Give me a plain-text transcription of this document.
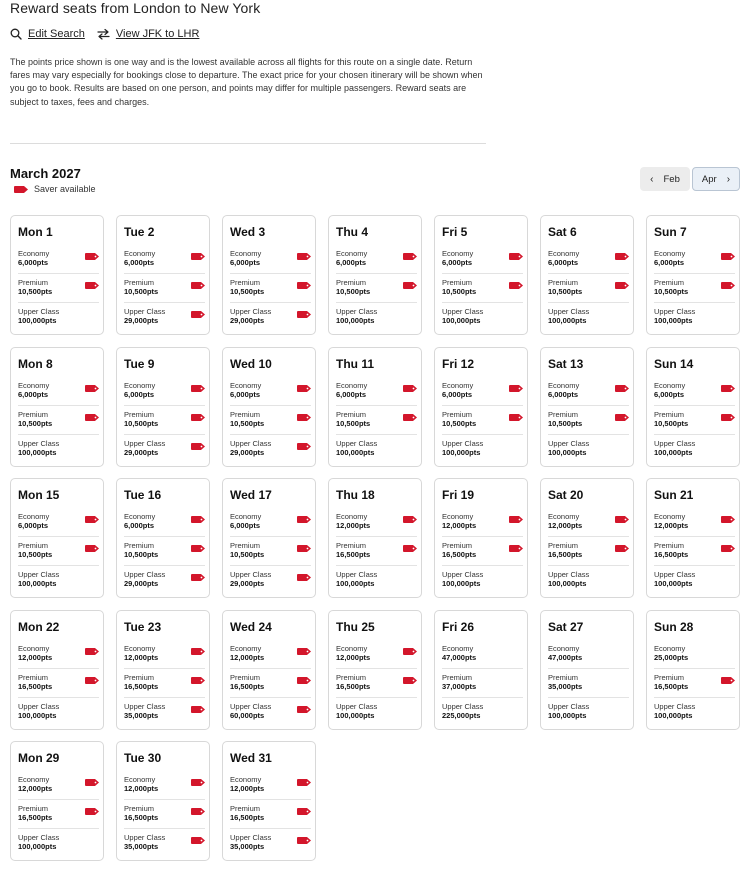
Reward seats from London to New York
Edit Search	View JFK to LHR
The points price shown is one way and is the lowest available across all flights for this route on a single date. Return fares may vary especially for bookings close to departure. The exact price for your chosen itinerary will be shown when you go to book. Results are based on one person, and points may differ for multiple passengers. Reward seats are subject to taxes, fees and charges.
March 2027
Saver available
‹ Feb Apr ›
Mon 1
Economy
6,000pts
Premium
10,500pts
Upper Class
100,000pts
Tue 2
Economy
6,000pts
Premium
10,500pts
Upper Class
29,000pts
Wed 3
Economy
6,000pts
Premium
10,500pts
Upper Class
29,000pts
Thu 4
Economy
6,000pts
Premium
10,500pts
Upper Class
100,000pts
Fri 5
Economy
6,000pts
Premium
10,500pts
Upper Class
100,000pts
Sat 6
Economy
6,000pts
Premium
10,500pts
Upper Class
100,000pts
Sun 7
Economy
6,000pts
Premium
10,500pts
Upper Class
100,000pts
Mon 8
Economy
6,000pts
Premium
10,500pts
Upper Class
100,000pts
Tue 9
Economy
6,000pts
Premium
10,500pts
Upper Class
29,000pts
Wed 10
Economy
6,000pts
Premium
10,500pts
Upper Class
29,000pts
Thu 11
Economy
6,000pts
Premium
10,500pts
Upper Class
100,000pts
Fri 12
Economy
6,000pts
Premium
10,500pts
Upper Class
100,000pts
Sat 13
Economy
6,000pts
Premium
10,500pts
Upper Class
100,000pts
Sun 14
Economy
6,000pts
Premium
10,500pts
Upper Class
100,000pts
Mon 15
Economy
6,000pts
Premium
10,500pts
Upper Class
100,000pts
Tue 16
Economy
6,000pts
Premium
10,500pts
Upper Class
29,000pts
Wed 17
Economy
6,000pts
Premium
10,500pts
Upper Class
29,000pts
Thu 18
Economy
12,000pts
Premium
16,500pts
Upper Class
100,000pts
Fri 19
Economy
12,000pts
Premium
16,500pts
Upper Class
100,000pts
Sat 20
Economy
12,000pts
Premium
16,500pts
Upper Class
100,000pts
Sun 21
Economy
12,000pts
Premium
16,500pts
Upper Class
100,000pts
Mon 22
Economy
12,000pts
Premium
16,500pts
Upper Class
100,000pts
Tue 23
Economy
12,000pts
Premium
16,500pts
Upper Class
35,000pts
Wed 24
Economy
12,000pts
Premium
16,500pts
Upper Class
60,000pts
Thu 25
Economy
12,000pts
Premium
16,500pts
Upper Class
100,000pts
Fri 26
Economy
47,000pts
Premium
37,000pts
Upper Class
225,000pts
Sat 27
Economy
47,000pts
Premium
35,000pts
Upper Class
100,000pts
Sun 28
Economy
25,000pts
Premium
16,500pts
Upper Class
100,000pts
Mon 29
Economy
12,000pts
Premium
16,500pts
Upper Class
100,000pts
Tue 30
Economy
12,000pts
Premium
16,500pts
Upper Class
35,000pts
Wed 31
Economy
12,000pts
Premium
16,500pts
Upper Class
35,000pts
